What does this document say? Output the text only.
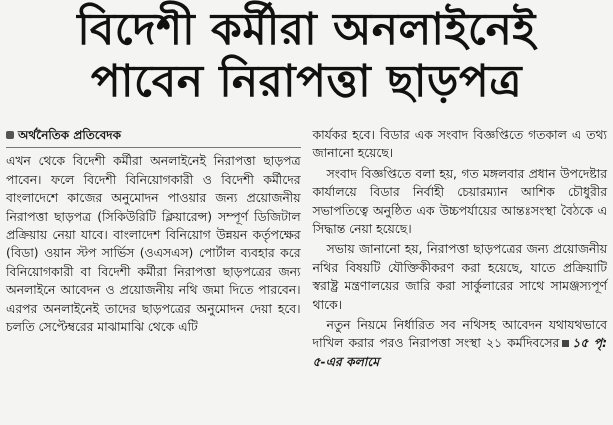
বিদেশী কর্মীরা অনলাইনেই
পাবেন নিরাপত্তা ছাড়পত্র
অর্থনৈতিক প্রতিবেদক

এখন থেকে বিদেশী কর্মীরা অনলাইনেই নিরাপত্তা ছাড়পত্র পাবেন। ফলে বিদেশী বিনিয়োগকারী ও বিদেশী কর্মীদের বাংলাদেশে কাজের অনুমোদন পাওয়ার জন্য প্রয়োজনীয় নিরাপত্তা ছাড়পত্র (সিকিউরিটি ক্লিয়ারেন্স) সম্পূর্ণ ডিজিটাল প্রক্রিয়ায় নেয়া যাবে। বাংলাদেশ বিনিয়োগ উন্নয়ন কর্তৃপক্ষের (বিডা) ওয়ান স্টপ সার্ভিস (ওএসএস) পোর্টাল ব্যবহার করে বিনিয়োগকারী বা বিদেশী কর্মীরা নিরাপত্তা ছাড়পত্রের জন্য অনলাইনে আবেদন ও প্রয়োজনীয় নথি জমা দিতে পারবেন। এরপর অনলাইনেই তাদের ছাড়পত্রের অনুমোদন দেয়া হবে। চলতি সেপ্টেম্বরের মাঝামাঝি থেকে এটি

কার্যকর হবে। বিডার এক সংবাদ বিজ্ঞপ্তিতে গতকাল এ তথ্য জানানো হয়েছে।

সংবাদ বিজ্ঞপ্তিতে বলা হয়, গত মঙ্গলবার প্রধান উপদেষ্টার কার্যালয়ে বিডার নির্বাহী চেয়ারম্যান আশিক চৌধুরীর সভাপতিত্বে অনুষ্ঠিত এক উচ্চপর্যায়ের আন্তঃসংস্থা বৈঠকে এ সিদ্ধান্ত নেয়া হয়েছে।

সভায় জানানো হয়, নিরাপত্তা ছাড়পত্রের জন্য প্রয়োজনীয় নথির বিষয়টি যৌক্তিকীকরণ করা হয়েছে, যাতে প্রক্রিয়াটি স্বরাষ্ট্র মন্ত্রণালয়ের জারি করা সার্কুলারের সাথে সামঞ্জস্যপূর্ণ থাকে।

নতুন নিয়মে নির্ধারিত সব নথিসহ আবেদন যথাযথভাবে দাখিল করার পরও নিরাপত্তা সংস্থা ২১ কর্মদিবসের ১৫ পৃ: ৫-এর কলামে
